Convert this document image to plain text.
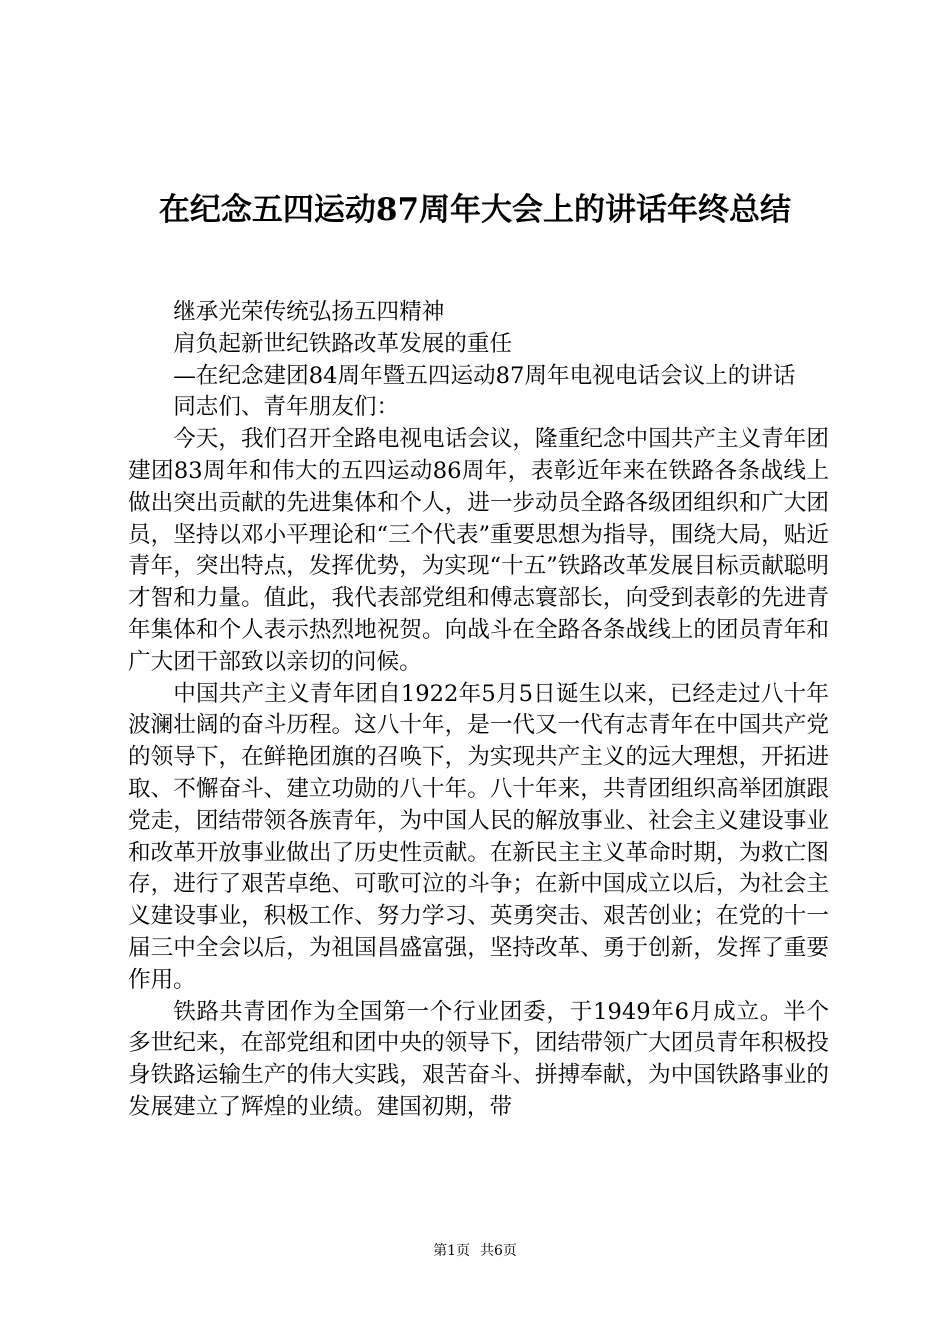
在纪念五四运动87周年大会上的讲话年终总结

继承光荣传统弘扬五四精神

肩负起新世纪铁路改革发展的重任

—在纪念建团84周年暨五四运动87周年电视电话会议上的讲话

同志们、青年朋友们：

今天，我们召开全路电视电话会议，隆重纪念中国共产主义青年团建团83周年和伟大的五四运动86周年，表彰近年来在铁路各条战线上做出突出贡献的先进集体和个人，进一步动员全路各级团组织和广大团员，坚持以邓小平理论和“三个代表”重要思想为指导，围绕大局，贴近青年，突出特点，发挥优势，为实现“十五”铁路改革发展目标贡献聪明才智和力量。值此，我代表部党组和傅志寰部长，向受到表彰的先进青年集体和个人表示热烈地祝贺。向战斗在全路各条战线上的团员青年和广大团干部致以亲切的问候。

中国共产主义青年团自1922年5月5日诞生以来，已经走过八十年波澜壮阔的奋斗历程。这八十年，是一代又一代有志青年在中国共产党的领导下，在鲜艳团旗的召唤下，为实现共产主义的远大理想，开拓进取、不懈奋斗、建立功勋的八十年。八十年来，共青团组织高举团旗跟党走，团结带领各族青年，为中国人民的解放事业、社会主义建设事业和改革开放事业做出了历史性贡献。在新民主主义革命时期，为救亡图存，进行了艰苦卓绝、可歌可泣的斗争；在新中国成立以后，为社会主义建设事业，积极工作、努力学习、英勇突击、艰苦创业；在党的十一届三中全会以后，为祖国昌盛富强，坚持改革、勇于创新，发挥了重要作用。

铁路共青团作为全国第一个行业团委，于1949年6月成立。半个多世纪来，在部党组和团中央的领导下，团结带领广大团员青年积极投身铁路运输生产的伟大实践，艰苦奋斗、拼搏奉献，为中国铁路事业的发展建立了辉煌的业绩。建国初期，带

第1页 共6页
